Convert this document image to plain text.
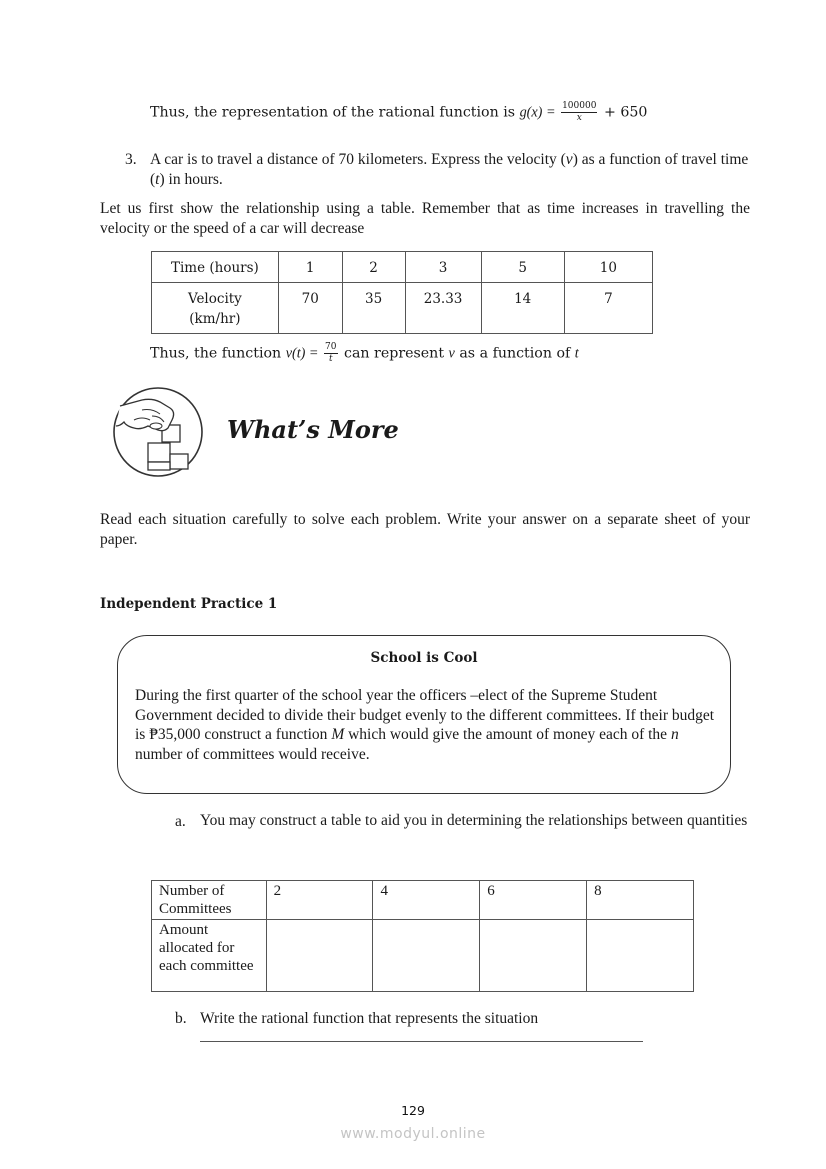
Thus, the representation of the rational function is $g(x) = \frac{100000}{x} + 650$
3. A car is to travel a distance of 70 kilometers. Express the velocity (v) as a function of travel time (t) in hours.
Let us first show the relationship using a table. Remember that as time increases in travelling the velocity or the speed of a car will decrease
Time (hours)	1	2	3	5	10
Velocity (km/hr)	70	35	23.33	14	7
Thus, the function $v(t) = \frac{70}{t}$ can represent v as a function of t
What’s More
Read each situation carefully to solve each problem. Write your answer on a separate sheet of your paper.
Independent Practice 1
School is Cool
During the first quarter of the school year the officers –elect of the Supreme Student Government decided to divide their budget evenly to the different committees. If their budget is ₱35,000 construct a function M which would give the amount of money each of the n number of committees would receive.
a. You may construct a table to aid you in determining the relationships between quantities
Number of Committees	2	4	6	8
Amount allocated for each committee				
b. Write the rational function that represents the situation
129
www.modyul.online
